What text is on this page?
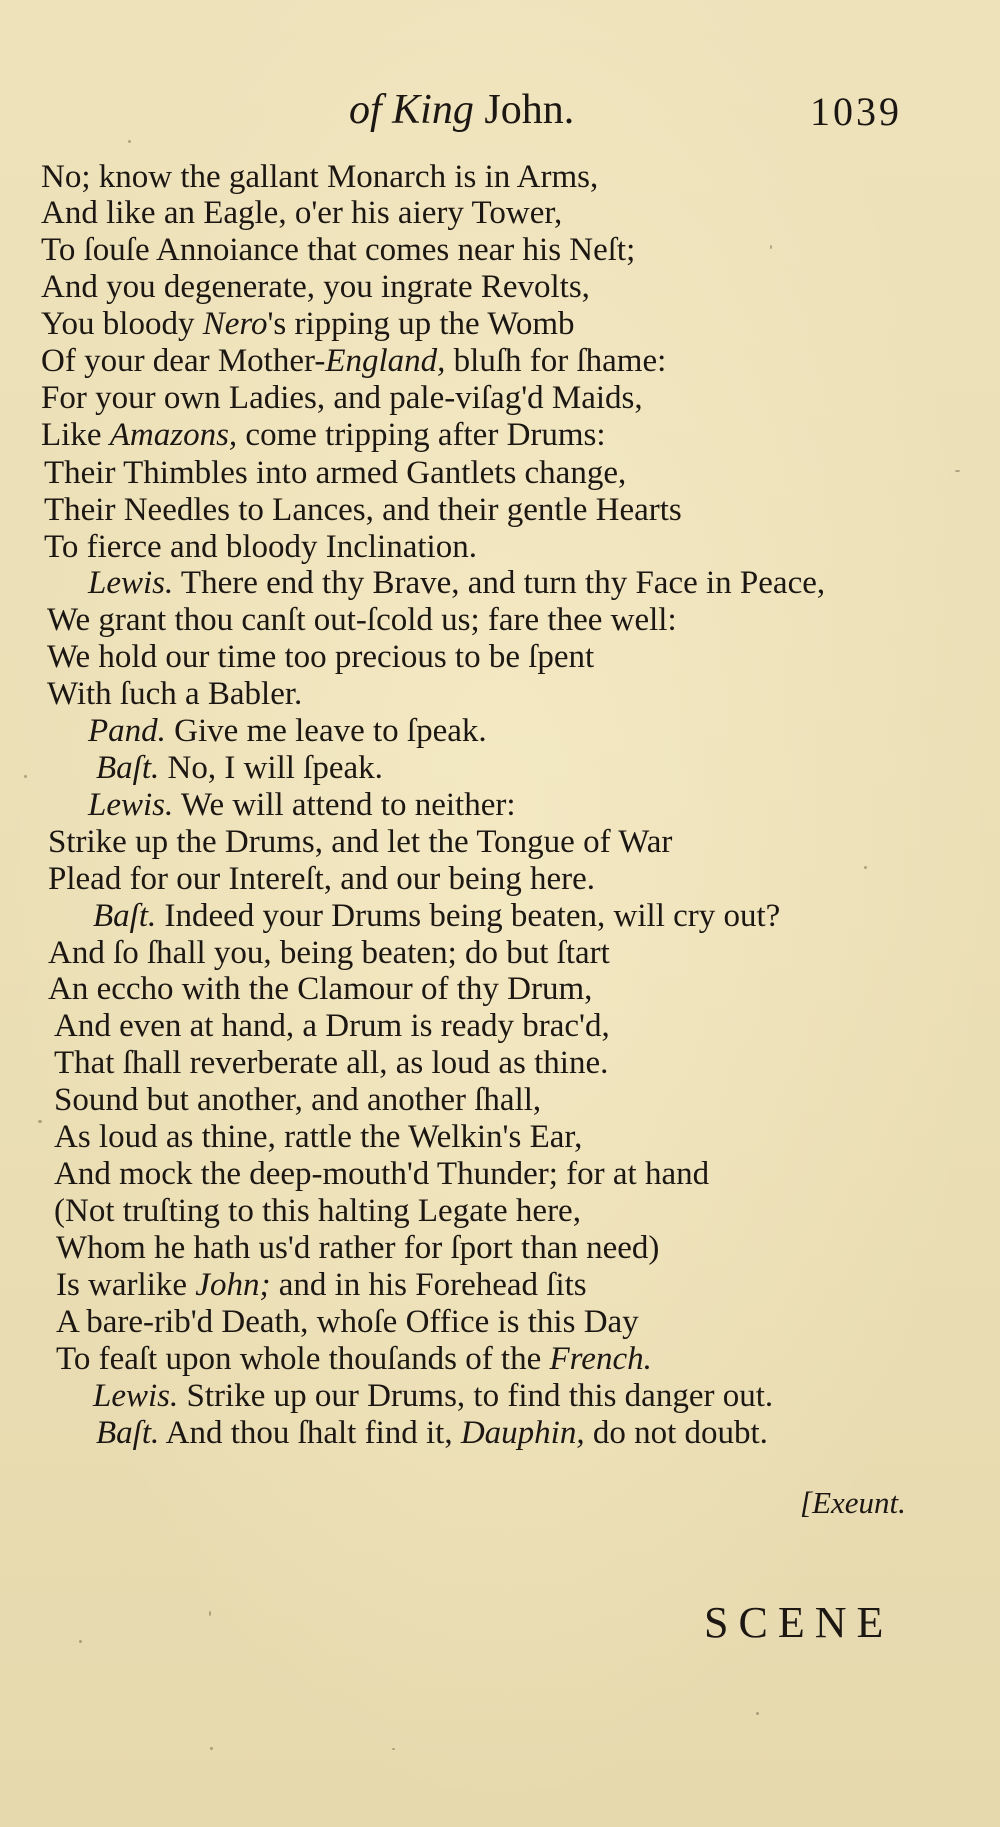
of King John.	1039
No; know the gallant Monarch is in Arms,
And like an Eagle, o'er his aiery Tower,
To ſouſe Annoiance that comes near his Neſt;
And you degenerate, you ingrate Revolts,
You bloody Nero's ripping up the Womb
Of your dear Mother-England, bluſh for ſhame:
For your own Ladies, and pale-viſag'd Maids,
Like Amazons, come tripping after Drums:
Their Thimbles into armed Gantlets change,
Their Needles to Lances, and their gentle Hearts
To fierce and bloody Inclination.
Lewis. There end thy Brave, and turn thy Face in Peace,
We grant thou canſt out-ſcold us; fare thee well:
We hold our time too precious to be ſpent
With ſuch a Babler.
Pand. Give me leave to ſpeak.
Baſt. No, I will ſpeak.
Lewis. We will attend to neither:
Strike up the Drums, and let the Tongue of War
Plead for our Intereſt, and our being here.
Baſt. Indeed your Drums being beaten, will cry out?
And ſo ſhall you, being beaten; do but ſtart
An eccho with the Clamour of thy Drum,
And even at hand, a Drum is ready brac'd,
That ſhall reverberate all, as loud as thine.
Sound but another, and another ſhall,
As loud as thine, rattle the Welkin's Ear,
And mock the deep-mouth'd Thunder; for at hand
(Not truſting to this halting Legate here,
Whom he hath us'd rather for ſport than need)
Is warlike John; and in his Forehead ſits
A bare-rib'd Death, whoſe Office is this Day
To feaſt upon whole thouſands of the French.
Lewis. Strike up our Drums, to find this danger out.
Baſt. And thou ſhalt find it, Dauphin, do not doubt.
[Exeunt.
SCENE
